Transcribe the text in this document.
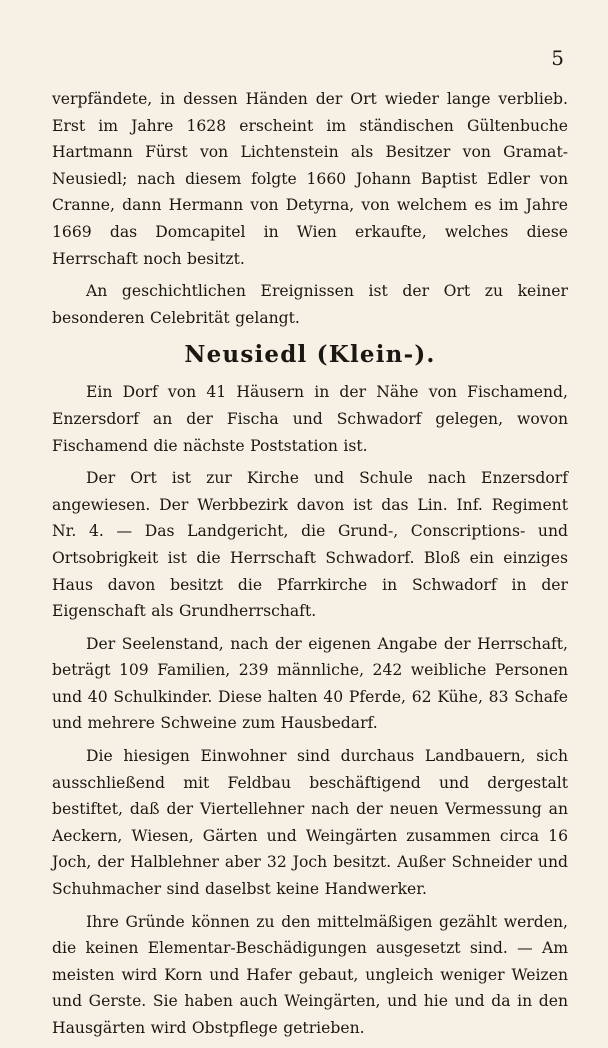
5

verpfändete, in dessen Händen der Ort wieder lange verblieb. Erst im Jahre 1628 erscheint im ständischen Gültenbuche Hartmann Fürst von Lichtenstein als Besitzer von Gramat-Neusiedl; nach diesem folgte 1660 Johann Baptist Edler von Cranne, dann Hermann von Detyrna, von welchem es im Jahre 1669 das Domcapitel in Wien erkaufte, welches diese Herrschaft noch besitzt.

An geschichtlichen Ereignissen ist der Ort zu keiner besonderen Celebrität gelangt.

Neusiedl (Klein-).

Ein Dorf von 41 Häusern in der Nähe von Fischamend, Enzersdorf an der Fischa und Schwadorf gelegen, wovon Fischamend die nächste Poststation ist.

Der Ort ist zur Kirche und Schule nach Enzersdorf angewiesen. Der Werbbezirk davon ist das Lin. Inf. Regiment Nr. 4. — Das Landgericht, die Grund-, Conscriptions- und Ortsobrigkeit ist die Herrschaft Schwadorf. Bloß ein einziges Haus davon besitzt die Pfarrkirche in Schwadorf in der Eigenschaft als Grundherrschaft.

Der Seelenstand, nach der eigenen Angabe der Herrschaft, beträgt 109 Familien, 239 männliche, 242 weibliche Personen und 40 Schulkinder. Diese halten 40 Pferde, 62 Kühe, 83 Schafe und mehrere Schweine zum Hausbedarf.

Die hiesigen Einwohner sind durchaus Landbauern, sich ausschließend mit Feldbau beschäftigend und dergestalt bestiftet, daß der Viertellehner nach der neuen Vermessung an Aeckern, Wiesen, Gärten und Weingärten zusammen circa 16 Joch, der Halblehner aber 32 Joch besitzt. Außer Schneider und Schuhmacher sind daselbst keine Handwerker.

Ihre Gründe können zu den mittelmäßigen gezählt werden, die keinen Elementar-Beschädigungen ausgesetzt sind. — Am meisten wird Korn und Hafer gebaut, ungleich weniger Weizen und Gerste. Sie haben auch Weingärten, und hie und da in den Hausgärten wird Obstpflege getrieben.
